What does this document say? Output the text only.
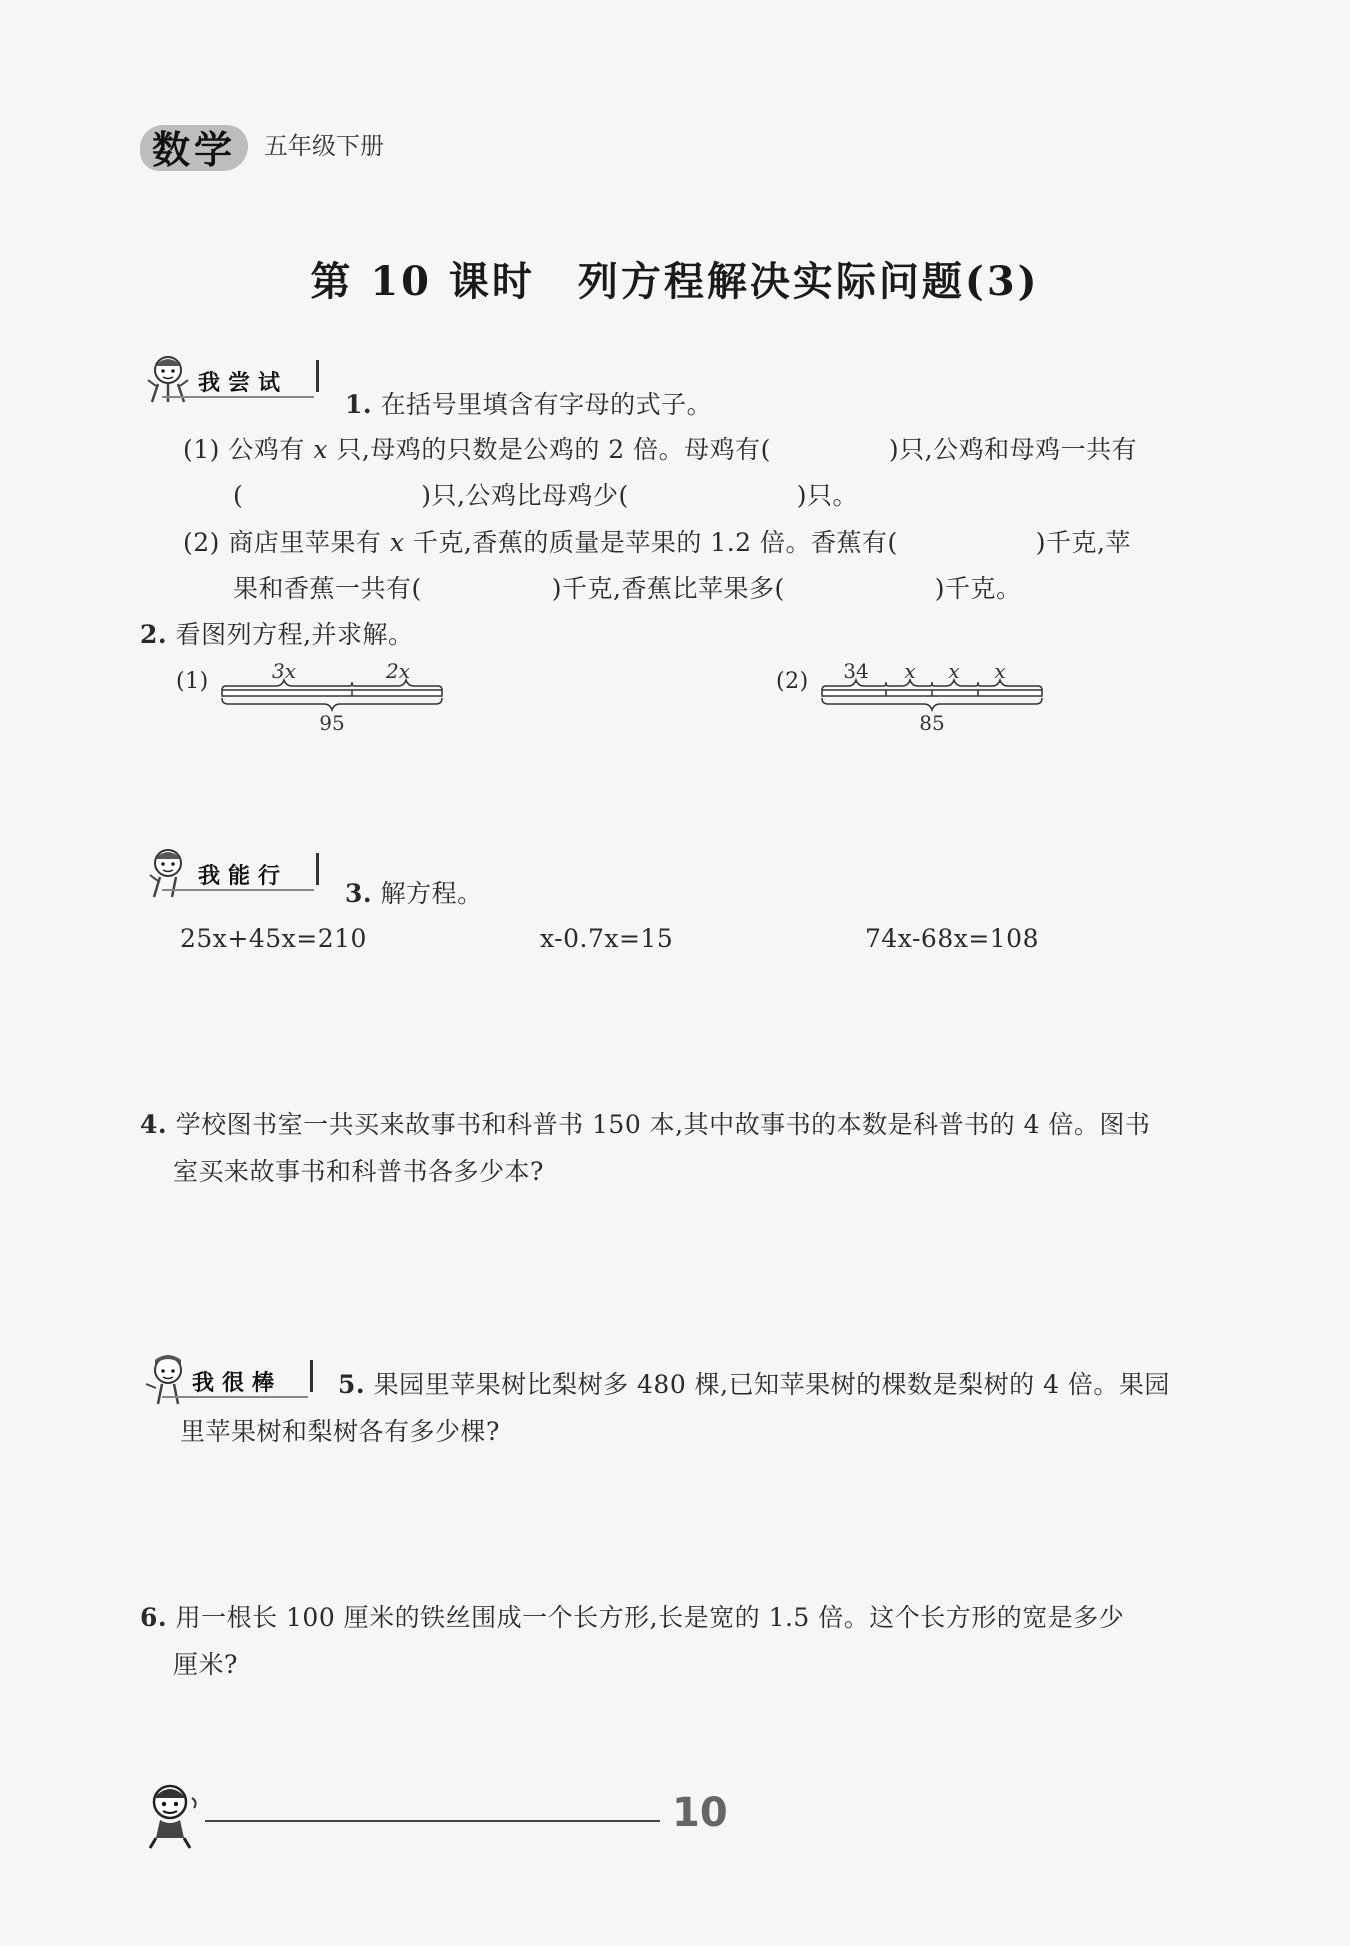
数学 五年级下册
第 10 课时　列方程解决实际问题(3)
我尝试
1. 在括号里填含有字母的式子。
(1) 公鸡有 x 只,母鸡的只数是公鸡的 2 倍。母鸡有(	)只,公鸡和母鸡一共有
(	)只,公鸡比母鸡少(	)只。
(2) 商店里苹果有 x 千克,香蕉的质量是苹果的 1.2 倍。香蕉有(	)千克,苹
果和香蕉一共有(	)千克,香蕉比苹果多(	)千克。
2. 看图列方程,并求解。
(1)	3x	2x
95
(2) 34 x x x
85
我能行
3. 解方程。
25x+45x=210	x-0.7x=15	74x-68x=108
4. 学校图书室一共买来故事书和科普书 150 本,其中故事书的本数是科普书的 4 倍。图书
室买来故事书和科普书各多少本?
我很棒 5. 果园里苹果树比梨树多 480 棵,已知苹果树的棵数是梨树的 4 倍。果园
里苹果树和梨树各有多少棵?
6. 用一根长 100 厘米的铁丝围成一个长方形,长是宽的 1.5 倍。这个长方形的宽是多少
厘米?
10
